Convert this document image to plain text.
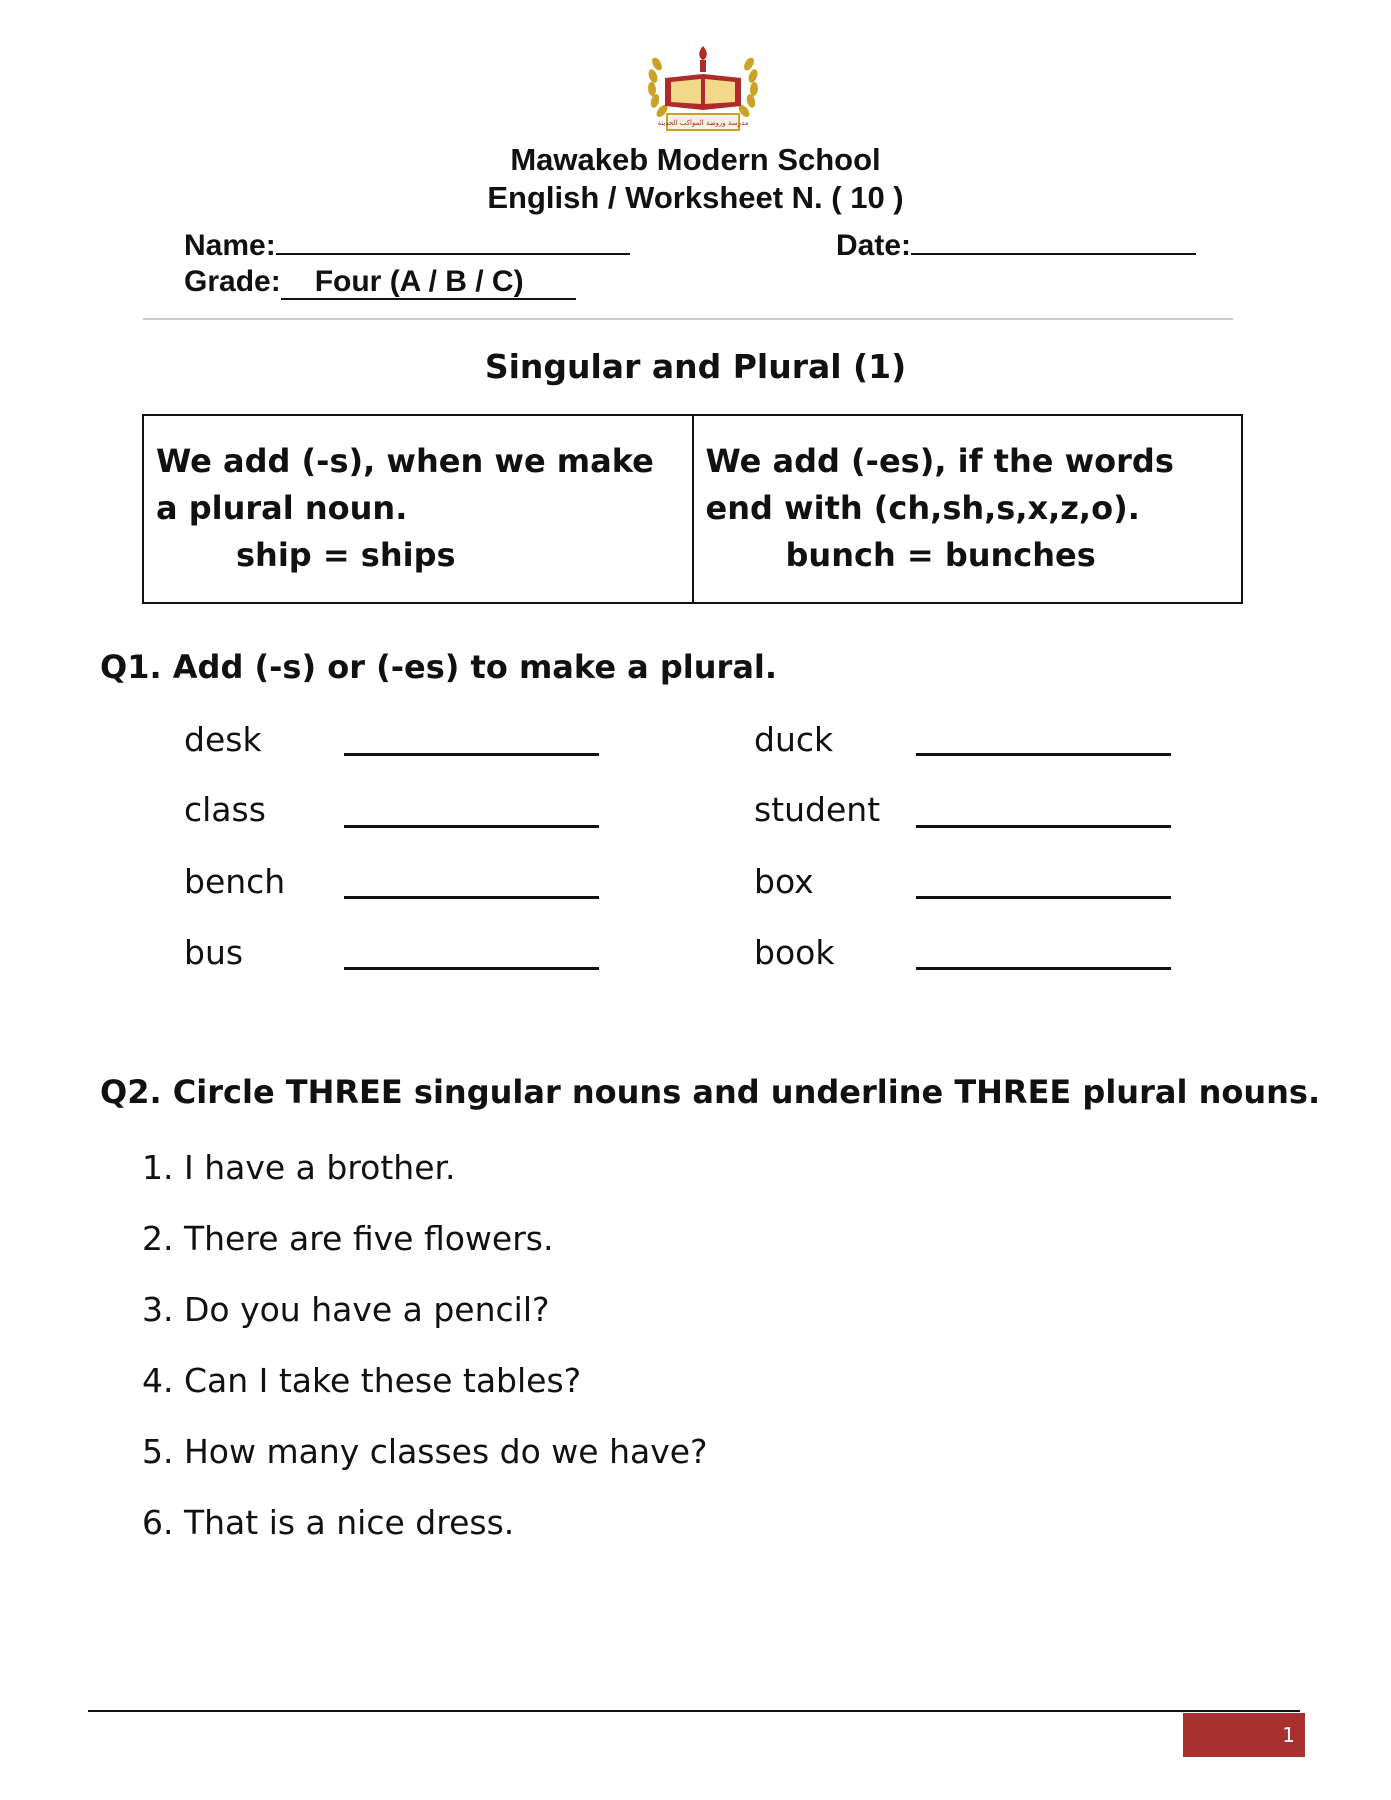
مدرسة وروضة المواكب الحديثة
Mawakeb Modern School
English / Worksheet N. ( 10 )
Name:	Date:
Grade: Four (A / B / C)
Singular and Plural (1)
We add (-s), when we make a plural noun.
ship = ships
We add (-es), if the words end with (ch,sh,s,x,z,o).
bunch = bunches
Q1. Add (-s) or (-es) to make a plural.
desk
class
bench
bus
duck
student
box
book
Q2. Circle THREE singular nouns and underline THREE plural nouns.
1. I have a brother.
2. There are five flowers.
3. Do you have a pencil?
4. Can I take these tables?
5. How many classes do we have?
6. That is a nice dress.
1
